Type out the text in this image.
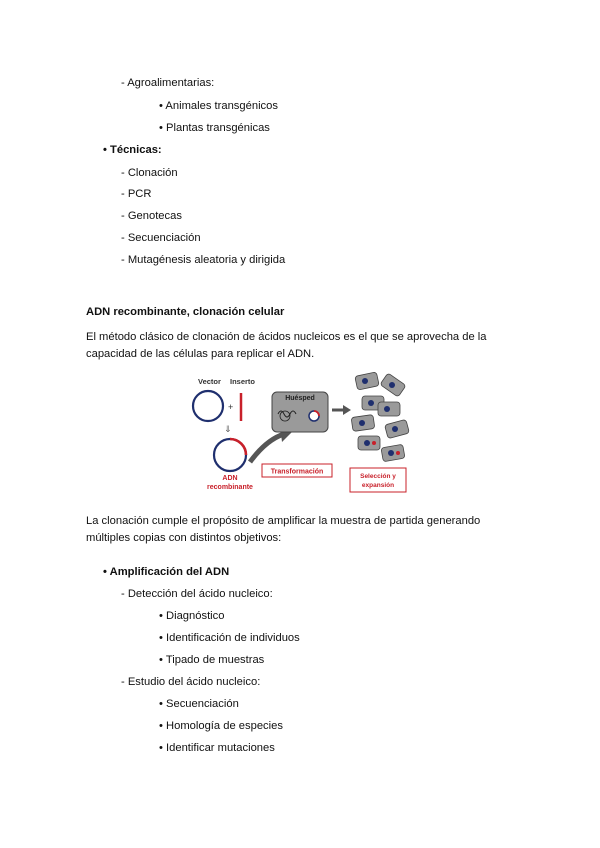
- Agroalimentarias:
• Animales transgénicos
• Plantas transgénicas
• Técnicas:
- Clonación
- PCR
- Genotecas
- Secuenciación
- Mutagénesis aleatoria y dirigida
ADN recombinante, clonación celular
El método clásico de clonación de ácidos nucleicos es el que se aprovecha de la
capacidad de las células para replicar el ADN.
Vector Inserto
+
⇓
ADN
recombinante
Huésped
Transformación
Selección y
expansión
La clonación cumple el propósito de amplificar la muestra de partida generando
múltiples copias con distintos objetivos:
• Amplificación del ADN
- Detección del ácido nucleico:
• Diagnóstico
• Identificación de individuos
• Tipado de muestras
- Estudio del ácido nucleico:
• Secuenciación
• Homología de especies
• Identificar mutaciones
